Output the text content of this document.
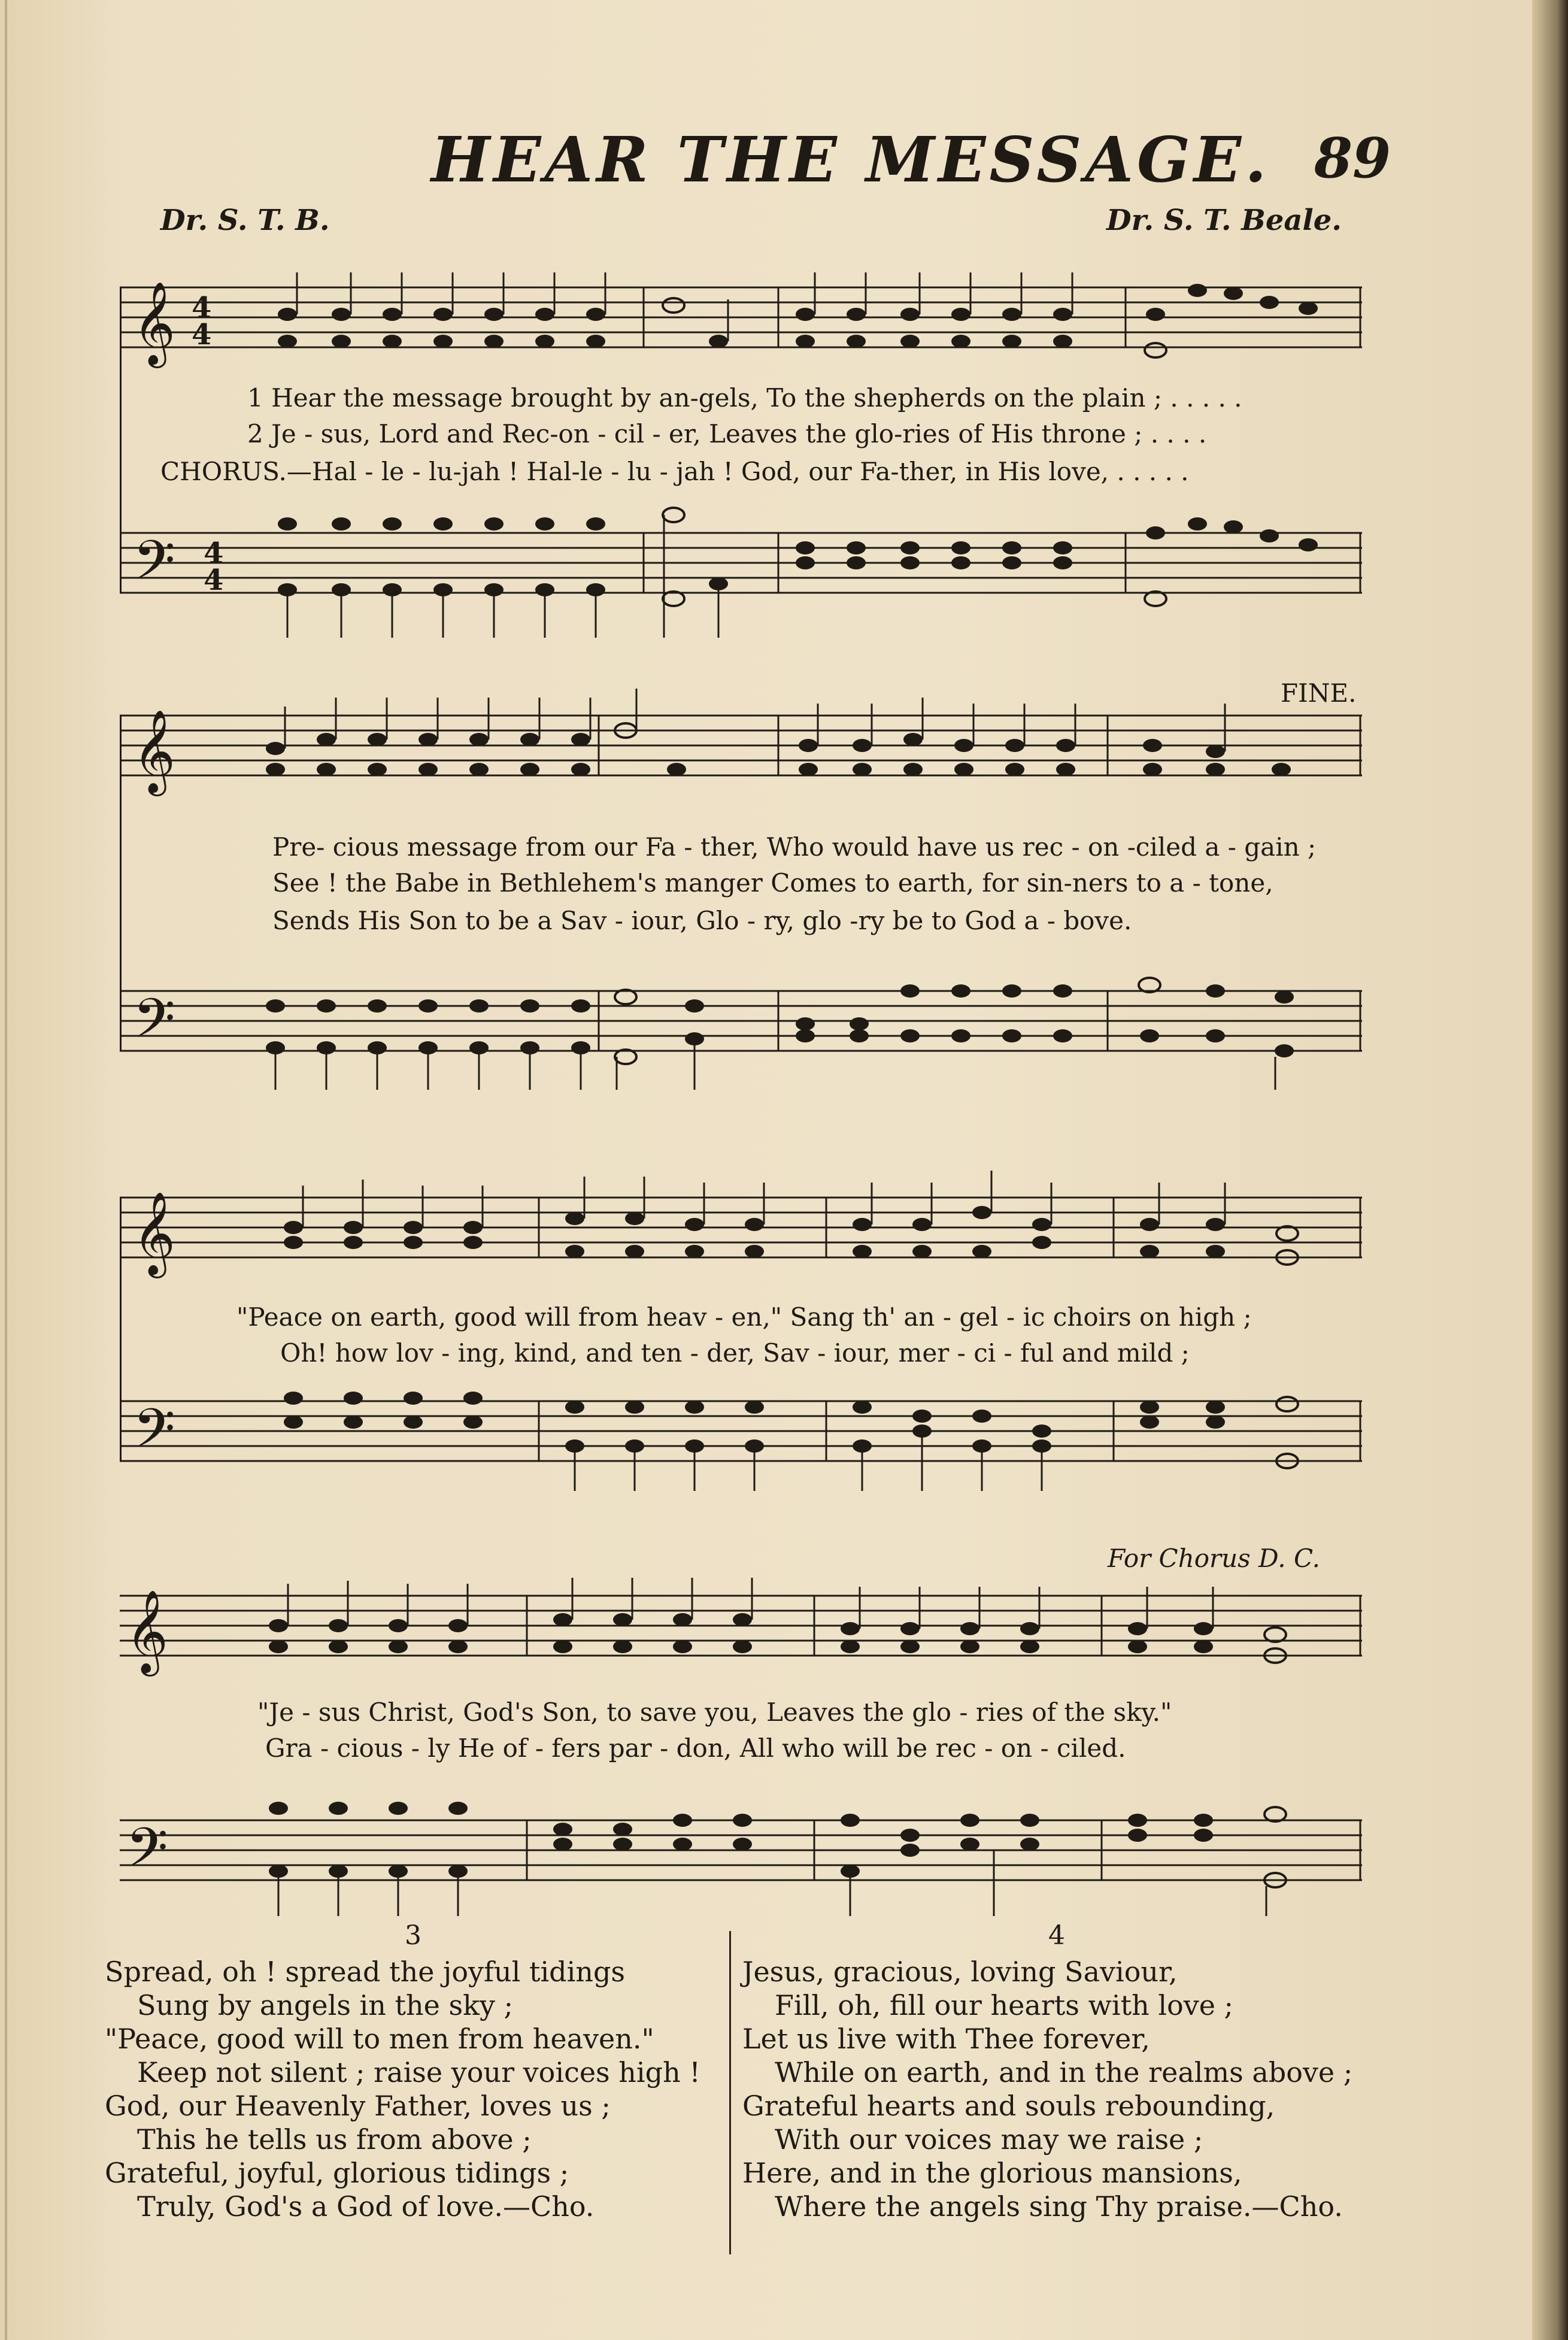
HEAR THE MESSAGE. 89
Dr. S. T. B.	Dr. S. T. Beale.
𝄞
𝄢
4
4
4
4
1 Hear the message brought by an-gels, To the shepherds on the plain ; . . . . .
2 Je - sus, Lord and Rec-on - cil - er, Leaves the glo-ries of His throne ; . . . .
CHORUS.—Hal - le - lu-jah ! Hal-le - lu - jah ! God, our Fa-ther, in His love, . . . . .
𝄞
𝄢
FINE.
Pre- cious message from our Fa - ther, Who would have us rec - on -ciled a - gain ;
See ! the Babe in Bethlehem's manger Comes to earth, for sin-ners to a - tone,
Sends His Son to be a Sav - iour, Glo - ry, glo -ry be to God a - bove.
𝄞
𝄢
"Peace on earth, good will from heav - en," Sang th' an - gel - ic choirs on high ;
Oh! how lov - ing, kind, and ten - der, Sav - iour, mer - ci - ful and mild ;
For Chorus D. C.
𝄞
𝄢
"Je - sus Christ, God's Son, to save you, Leaves the glo - ries of the sky."
Gra - cious - ly He of - fers par - don, All who will be rec - on - ciled.
3
Spread, oh ! spread the joyful tidings
Sung by angels in the sky ;
"Peace, good will to men from heaven."
Keep not silent ; raise your voices high !
God, our Heavenly Father, loves us ;
This he tells us from above ;
Grateful, joyful, glorious tidings ;
Truly, God's a God of love.—Cho.
4
Jesus, gracious, loving Saviour,
Fill, oh, fill our hearts with love ;
Let us live with Thee forever,
While on earth, and in the realms above ;
Grateful hearts and souls rebounding,
With our voices may we raise ;
Here, and in the glorious mansions,
Where the angels sing Thy praise.—Cho.
